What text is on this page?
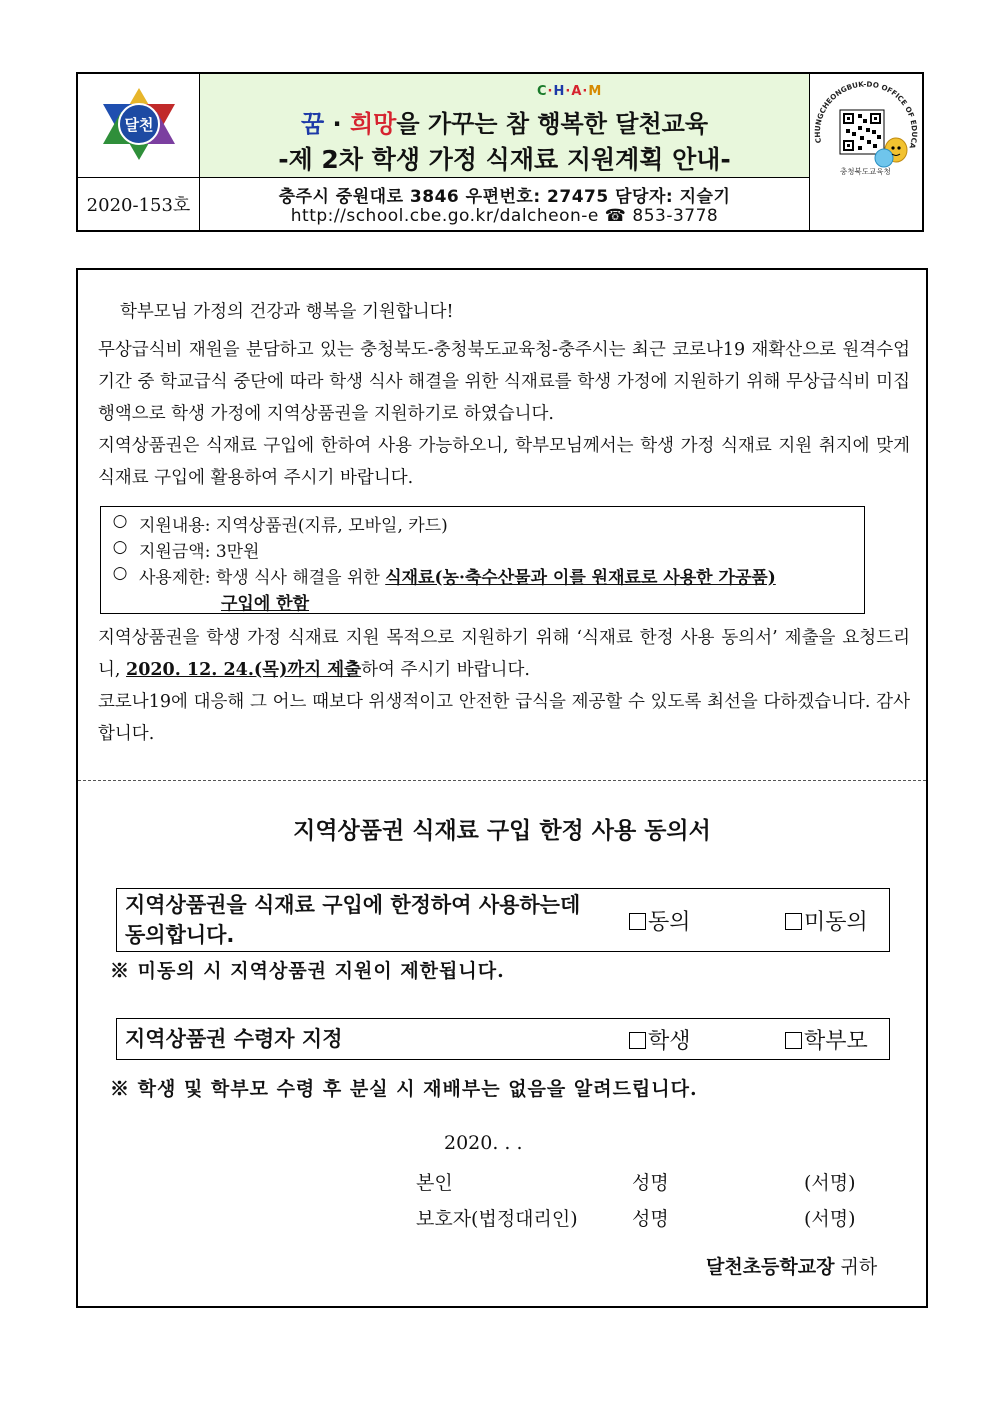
달천
C·H·A·M
꿈 · 희망을 가꾸는 참 행복한 달천교육
-제 2차 학생 가정 식재료 지원계획 안내-
2020-153호	충주시 중원대로 3846 우편번호: 27475 담당자: 지슬기
http://school.cbe.go.kr/dalcheon-e ☎ 853-3778
CHUNGCHEONGBUK-DO OFFICE OF EDUCA
충청북도교육청

학부모님 가정의 건강과 행복을 기원합니다!

무상급식비 재원을 분담하고 있는 충청북도-충청북도교육청-충주시는 최근 코로나19 재확산으로 원격수업 기간 중 학교급식 중단에 따라 학생 식사 해결을 위한 식재료를 학생 가정에 지원하기 위해 무상급식비 미집행액으로 학생 가정에 지역상품권을 지원하기로 하였습니다.

지역상품권은 식재료 구입에 한하여 사용 가능하오니, 학부모님께서는 학생 가정 식재료 지원 취지에 맞게 식재료 구입에 활용하여 주시기 바랍니다.

○ 지원내용: 지역상품권(지류, 모바일, 카드)
○ 지원금액: 3만원
○ 사용제한: 학생 식사 해결을 위한 식재료(농·축수산물과 이를 원재료로 사용한 가공품)
구입에 한함

지역상품권을 학생 가정 식재료 지원 목적으로 지원하기 위해 ‘식재료 한정 사용 동의서’ 제출을 요청드리니, 2020. 12. 24.(목)까지 제출하여 주시기 바랍니다.

코로나19에 대응해 그 어느 때보다 위생적이고 안전한 급식을 제공할 수 있도록 최선을 다하겠습니다. 감사합니다.

지역상품권 식재료 구입 한정 사용 동의서
지역상품권을 식재료 구입에 한정하여 사용하는데
동의합니다.	동의	미동의
※ 미동의 시 지역상품권 지원이 제한됩니다.
지역상품권 수령자 지정	학생	학부모
※ 학생 및 학부모 수령 후 분실 시 재배부는 없음을 알려드립니다.
2020. . .
본인	성명	(서명)
보호자(법정대리인)	성명	(서명)
달천초등학교장 귀하
